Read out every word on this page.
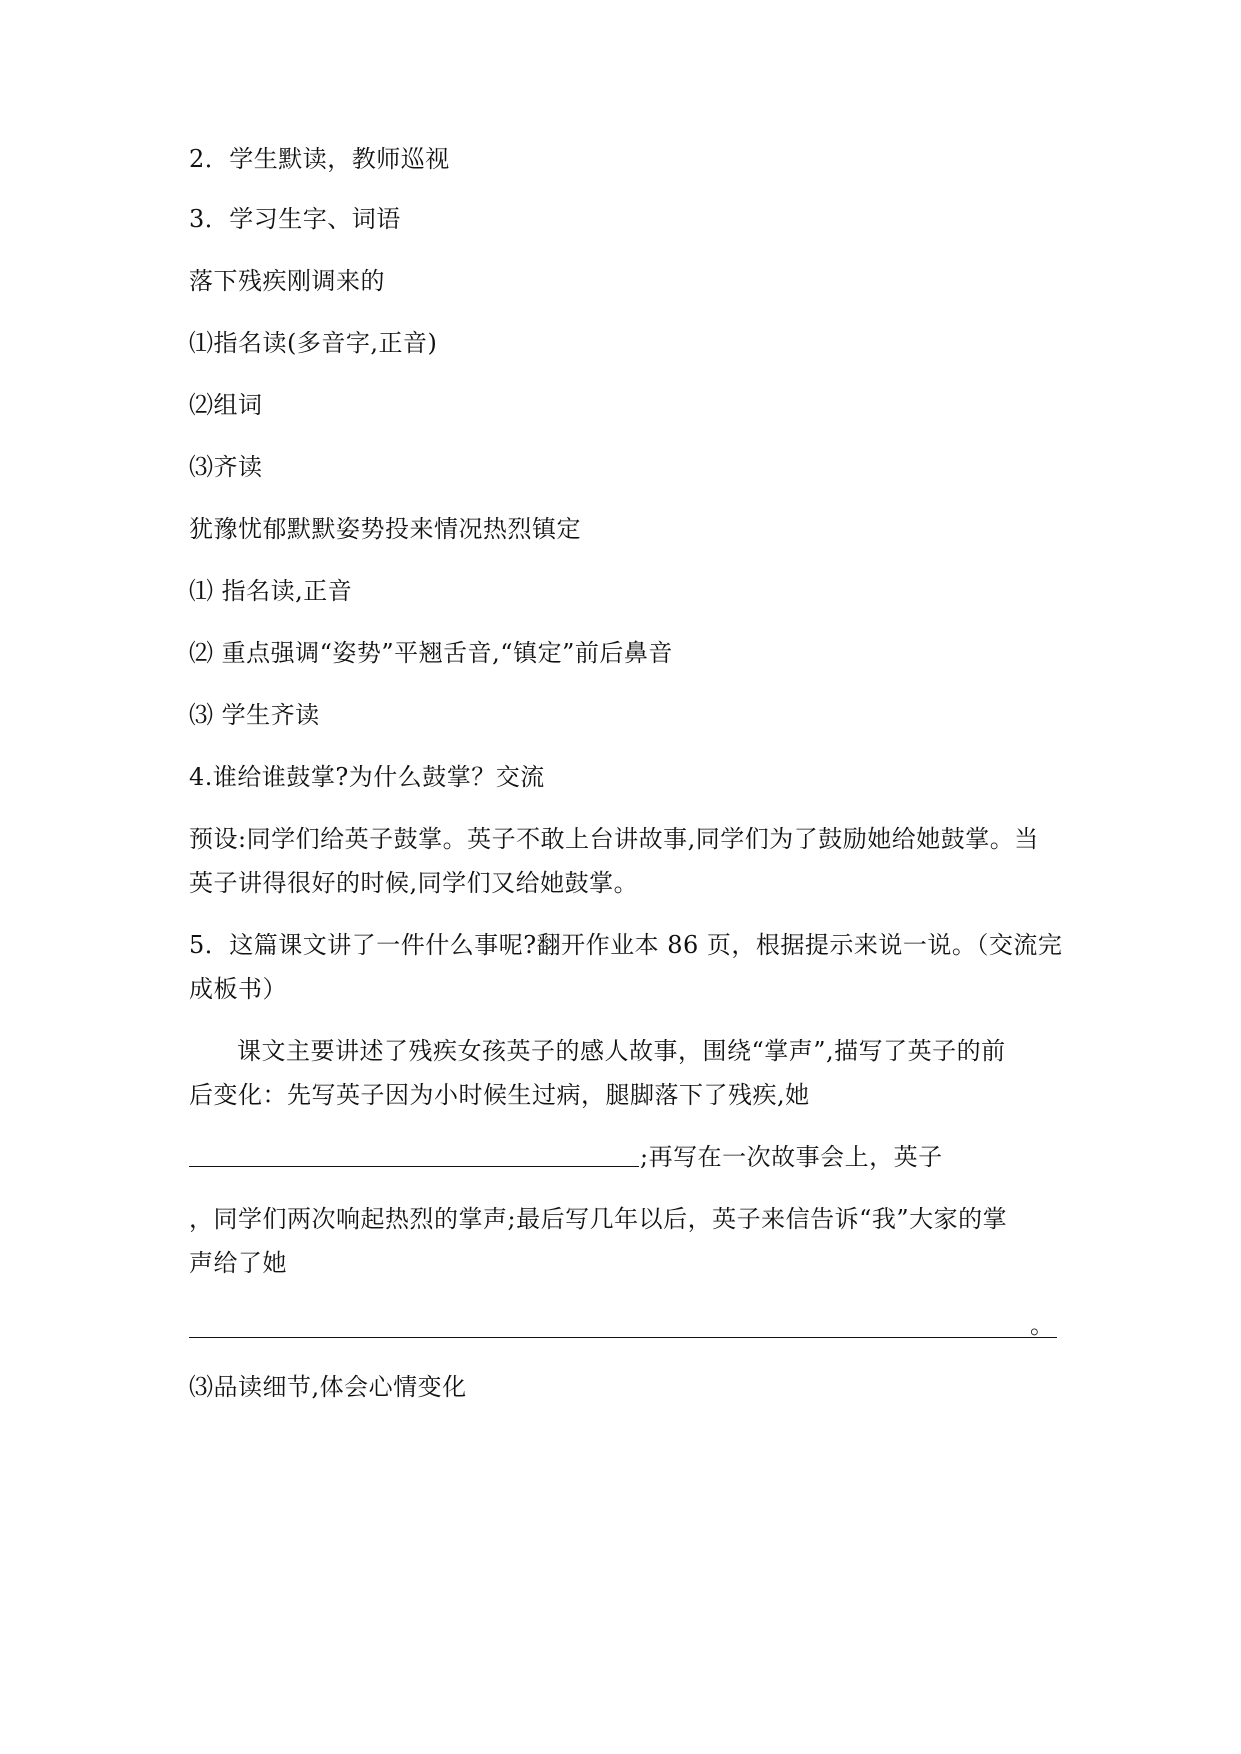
2．学生默读，教师巡视
3．学习生字、词语
落下残疾刚调来的
⑴指名读(多音字,正音)
⑵组词
⑶齐读
犹豫忧郁默默姿势投来情况热烈镇定
⑴ 指名读,正音
⑵ 重点强调“姿势”平翘舌音,“镇定”前后鼻音
⑶ 学生齐读
4.谁给谁鼓掌?为什么鼓掌？交流
预设:同学们给英子鼓掌。英子不敢上台讲故事,同学们为了鼓励她给她鼓掌。当
英子讲得很好的时候,同学们又给她鼓掌。
5．这篇课文讲了一件什么事呢?翻开作业本 86 页，根据提示来说一说。（交流完
成板书）
课文主要讲述了残疾女孩英子的感人故事，围绕“掌声”,描写了英子的前
后变化：先写英子因为小时候生过病，腿脚落下了残疾,她
;再写在一次故事会上，英子
，同学们两次响起热烈的掌声;最后写几年以后，英子来信告诉“我”大家的掌
声给了她
。
⑶品读细节,体会心情变化
